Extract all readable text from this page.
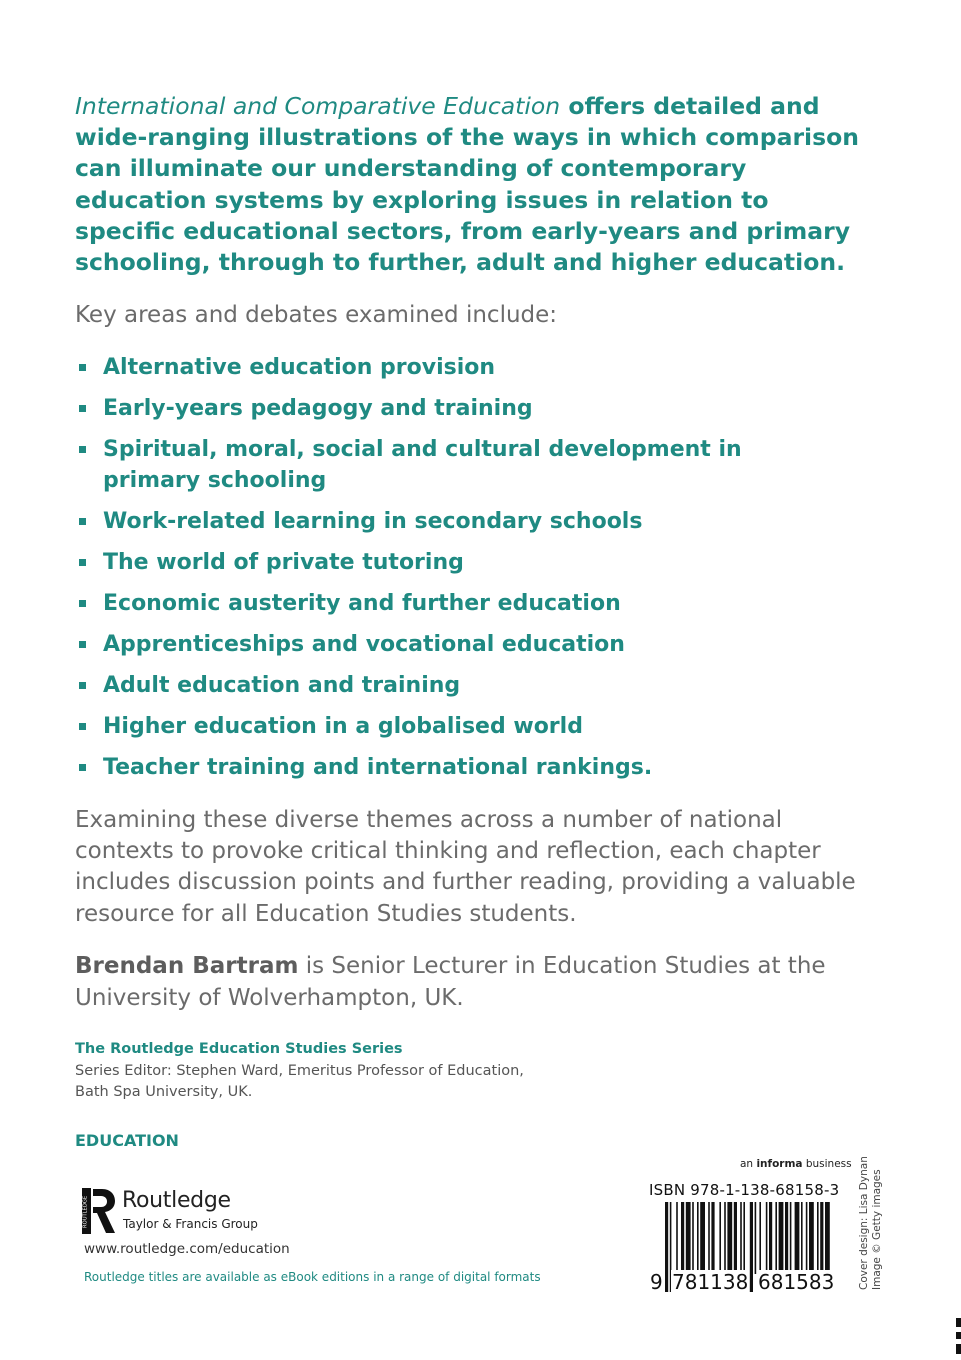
International and Comparative Education offers detailed and wide-ranging illustrations of the ways in which comparison can illuminate our understanding of contemporary education systems by exploring issues in relation to specific educational sectors, from early-years and primary schooling, through to further, adult and higher education.

Key areas and debates examined include:

Alternative education provision
Early-years pedagogy and training
Spiritual, moral, social and cultural development in primary schooling
Work-related learning in secondary schools
The world of private tutoring
Economic austerity and further education
Apprenticeships and vocational education
Adult education and training
Higher education in a globalised world
Teacher training and international rankings.

Examining these diverse themes across a number of national contexts to provoke critical thinking and reflection, each chapter includes discussion points and further reading, providing a valuable resource for all Education Studies students.

Brendan Bartram is Senior Lecturer in Education Studies at the University of Wolverhampton, UK.

The Routledge Education Studies Series
Series Editor: Stephen Ward, Emeritus Professor of Education,
Bath Spa University, UK.

EDUCATION

ROUTLEDGE Routledge
Taylor & Francis Group

www.routledge.com/education

Routledge titles are available as eBook editions in a range of digital formats

an informa business

ISBN 978-1-138-68158-3

9 781138 681583 Cover design: Lisa Dynan Image © Getty images
